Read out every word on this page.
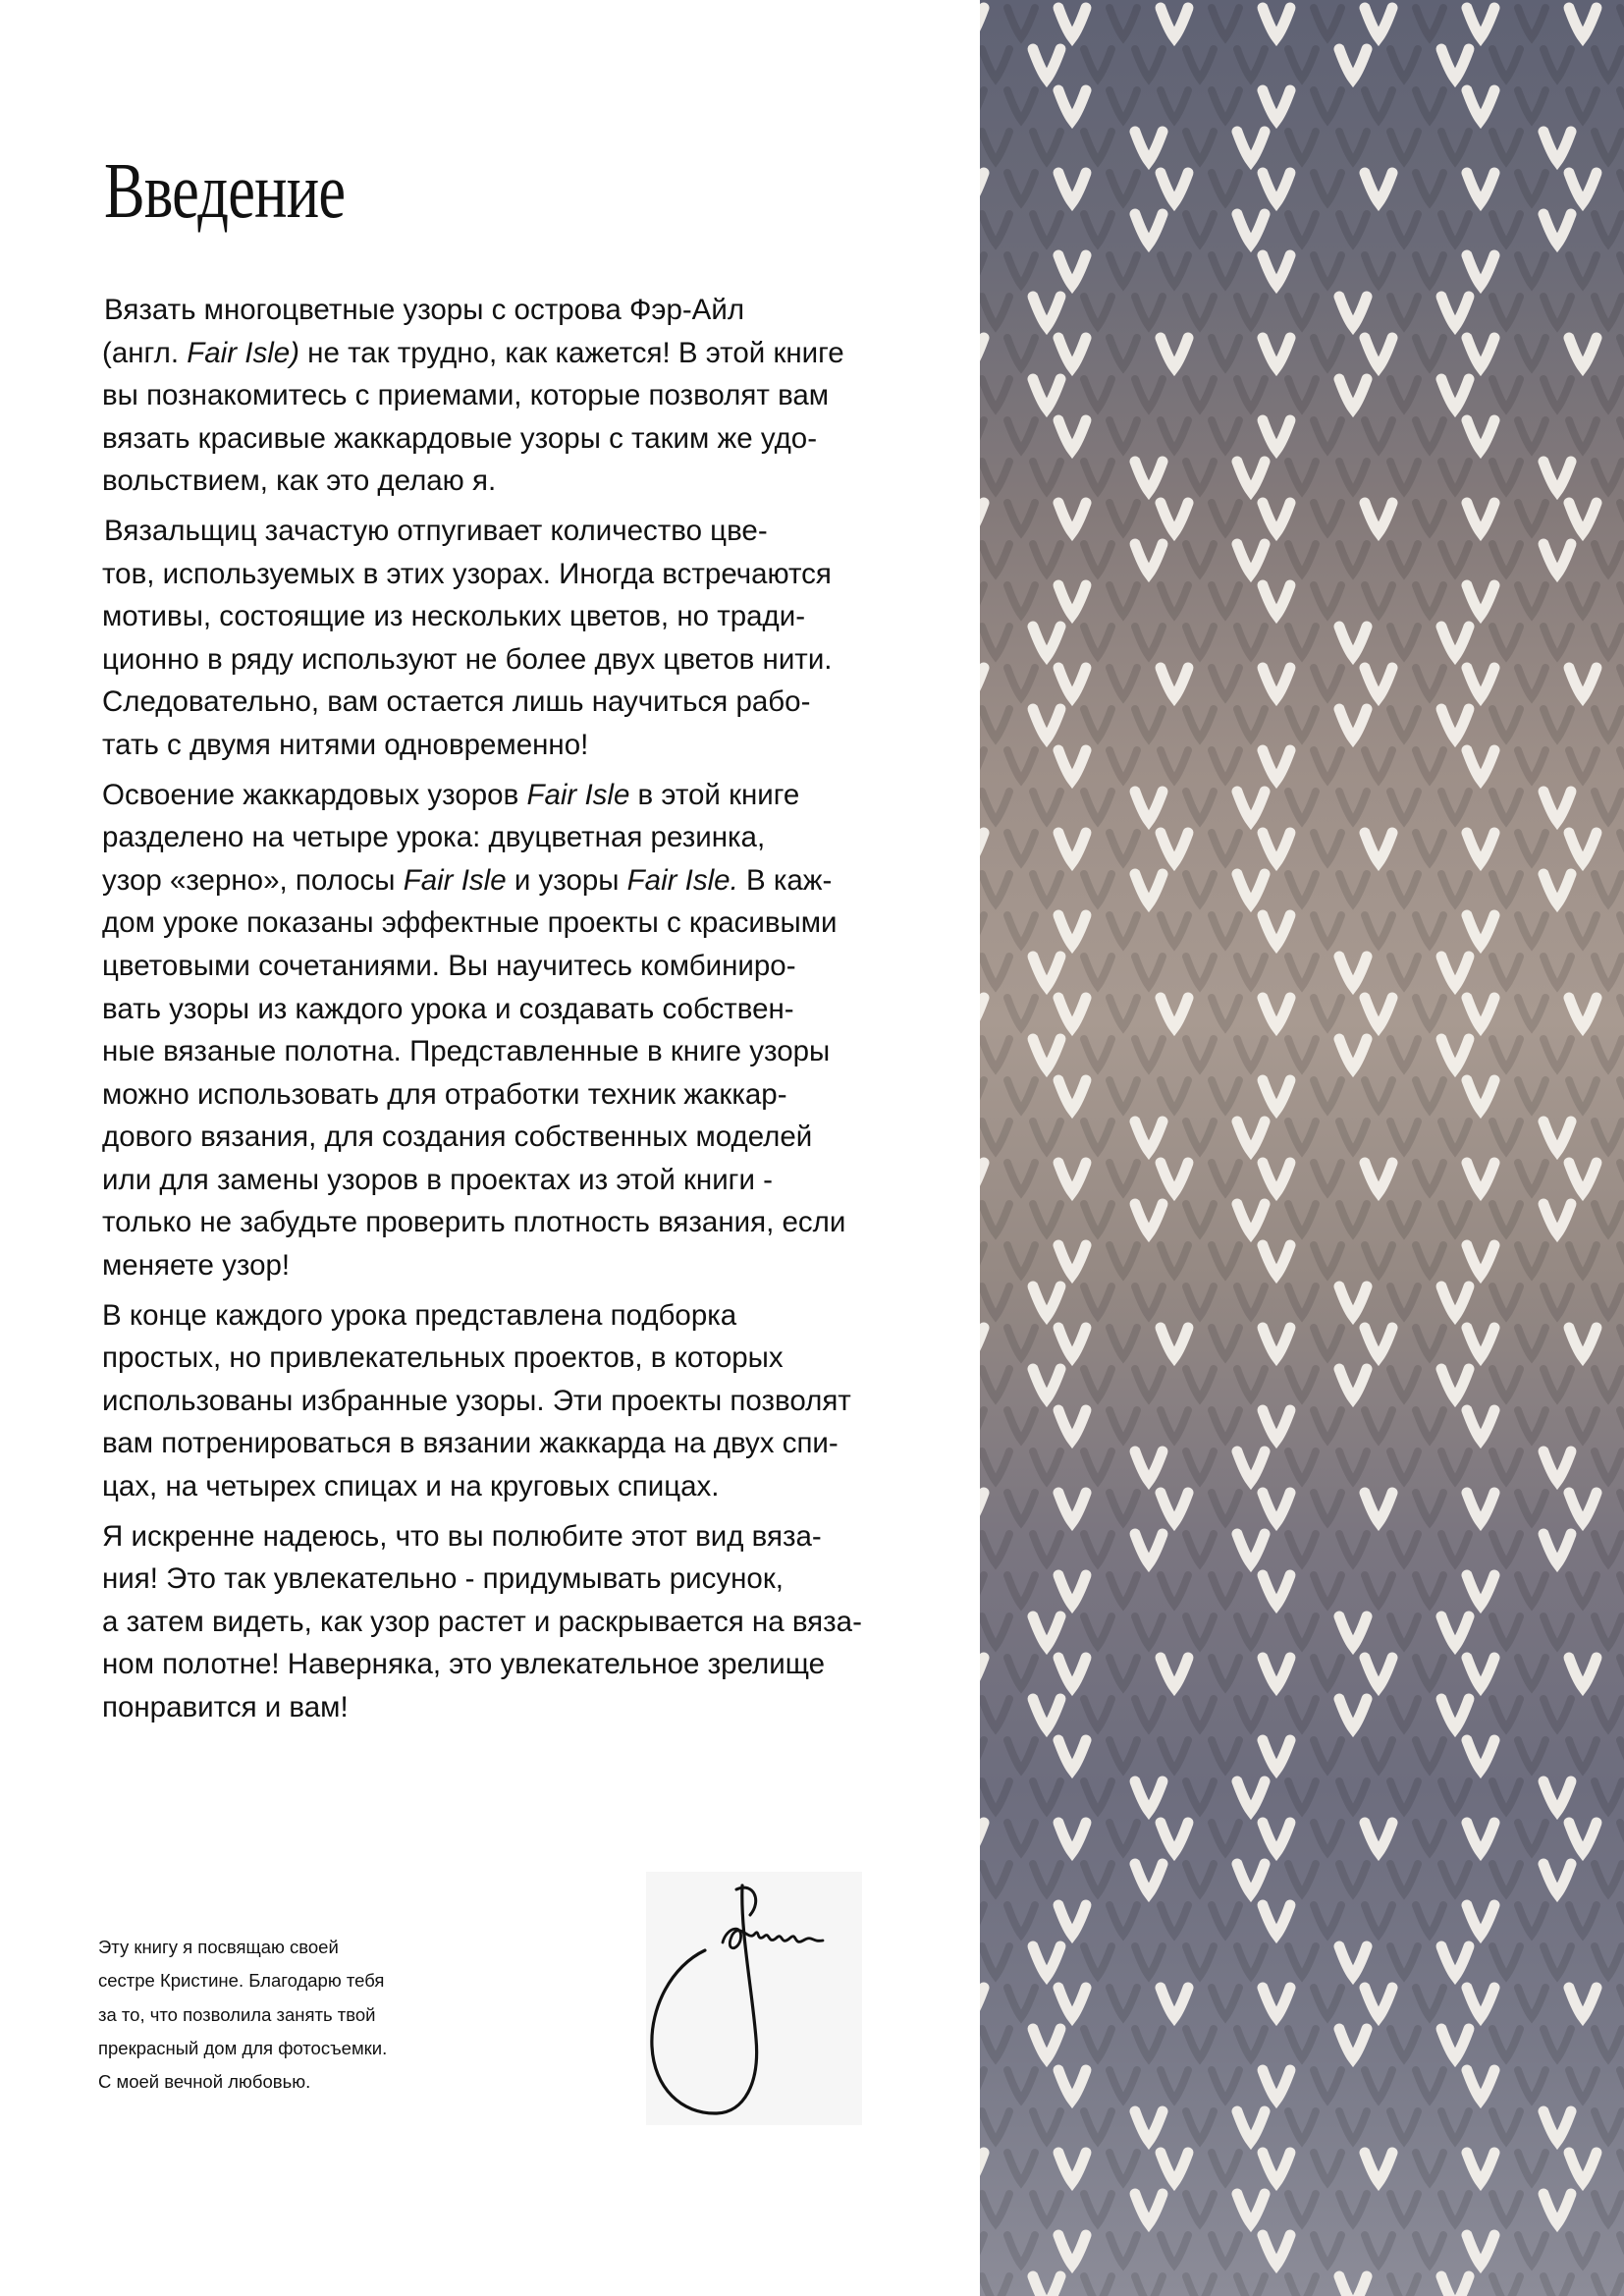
Введение

Вязать многоцветные узоры с острова Фэр-Айл
(англ. Fair Isle) не так трудно, как кажется! В этой книге
вы познакомитесь с приемами, которые позволят вам
вязать красивые жаккардовые узоры с таким же удо-
вольствием, как это делаю я.

Вязальщиц зачастую отпугивает количество цве-
тов, используемых в этих узорах. Иногда встречаются
мотивы, состоящие из нескольких цветов, но тради-
ционно в ряду используют не более двух цветов нити.
Следовательно, вам остается лишь научиться рабо-
тать с двумя нитями одновременно!

Освоение жаккардовых узоров Fair Isle в этой книге
разделено на четыре урока: двуцветная резинка,
узор «зерно», полосы Fair Isle и узоры Fair Isle. В каж-
дом уроке показаны эффектные проекты с красивыми
цветовыми сочетаниями. Вы научитесь комбиниро-
вать узоры из каждого урока и создавать собствен-
ные вязаные полотна. Представленные в книге узоры
можно использовать для отработки техник жаккар-
дового вязания, для создания собственных моделей
или для замены узоров в проектах из этой книги -
только не забудьте проверить плотность вязания, если
меняете узор!

В конце каждого урока представлена подборка
простых, но привлекательных проектов, в которых
использованы избранные узоры. Эти проекты позволят
вам потренироваться в вязании жаккарда на двух спи-
цах, на четырех спицах и на круговых спицах.

Я искренне надеюсь, что вы полюбите этот вид вяза-
ния! Это так увлекательно - придумывать рисунок,
а затем видеть, как узор растет и раскрывается на вяза-
ном полотне! Наверняка, это увлекательное зрелище
понравится и вам!

Эту книгу я посвящаю своей
сестре Кристине. Благодарю тебя
за то, что позволила занять твой
прекрасный дом для фотосъемки.
С моей вечной любовью.
